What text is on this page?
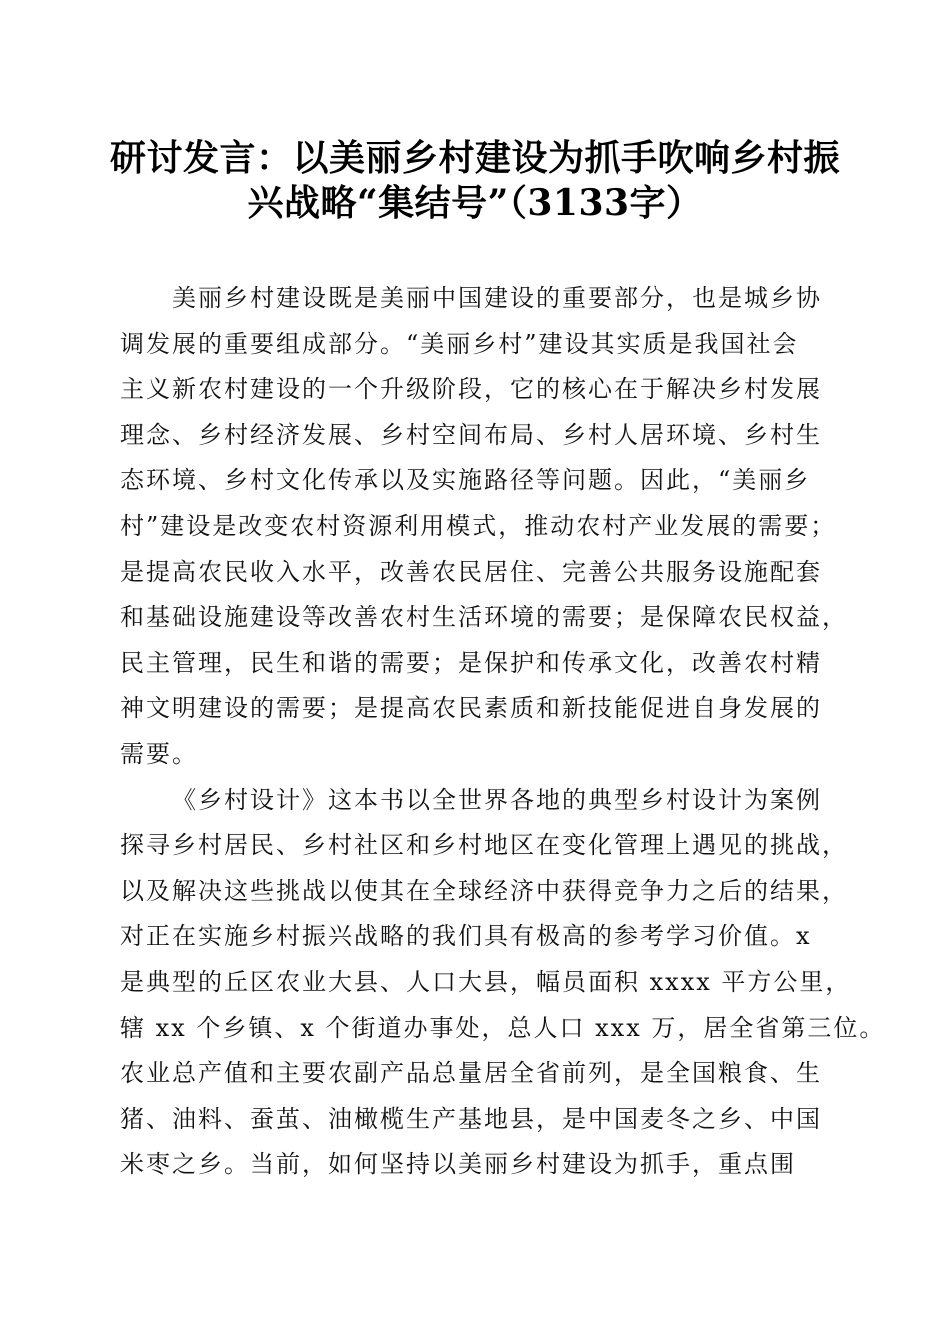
研讨发言：以美丽乡村建设为抓手吹响乡村振
兴战略“集结号”（3133字）
美丽乡村建设既是美丽中国建设的重要部分，也是城乡协
调发展的重要组成部分。“美丽乡村”建设其实质是我国社会
主义新农村建设的一个升级阶段，它的核心在于解决乡村发展
理念、乡村经济发展、乡村空间布局、乡村人居环境、乡村生
态环境、乡村文化传承以及实施路径等问题。因此，“美丽乡
村”建设是改变农村资源利用模式，推动农村产业发展的需要；
是提高农民收入水平，改善农民居住、完善公共服务设施配套
和基础设施建设等改善农村生活环境的需要；是保障农民权益，
民主管理，民生和谐的需要；是保护和传承文化，改善农村精
神文明建设的需要；是提高农民素质和新技能促进自身发展的
需要。
《乡村设计》这本书以全世界各地的典型乡村设计为案例
探寻乡村居民、乡村社区和乡村地区在变化管理上遇见的挑战，
以及解决这些挑战以使其在全球经济中获得竞争力之后的结果，
对正在实施乡村振兴战略的我们具有极高的参考学习价值。x
是典型的丘区农业大县、人口大县，幅员面积 xxxx 平方公里，
辖 xx 个乡镇、x 个街道办事处，总人口 xxx 万，居全省第三位。
农业总产值和主要农副产品总量居全省前列，是全国粮食、生
猪、油料、蚕茧、油橄榄生产基地县，是中国麦冬之乡、中国
米枣之乡。当前，如何坚持以美丽乡村建设为抓手，重点围
